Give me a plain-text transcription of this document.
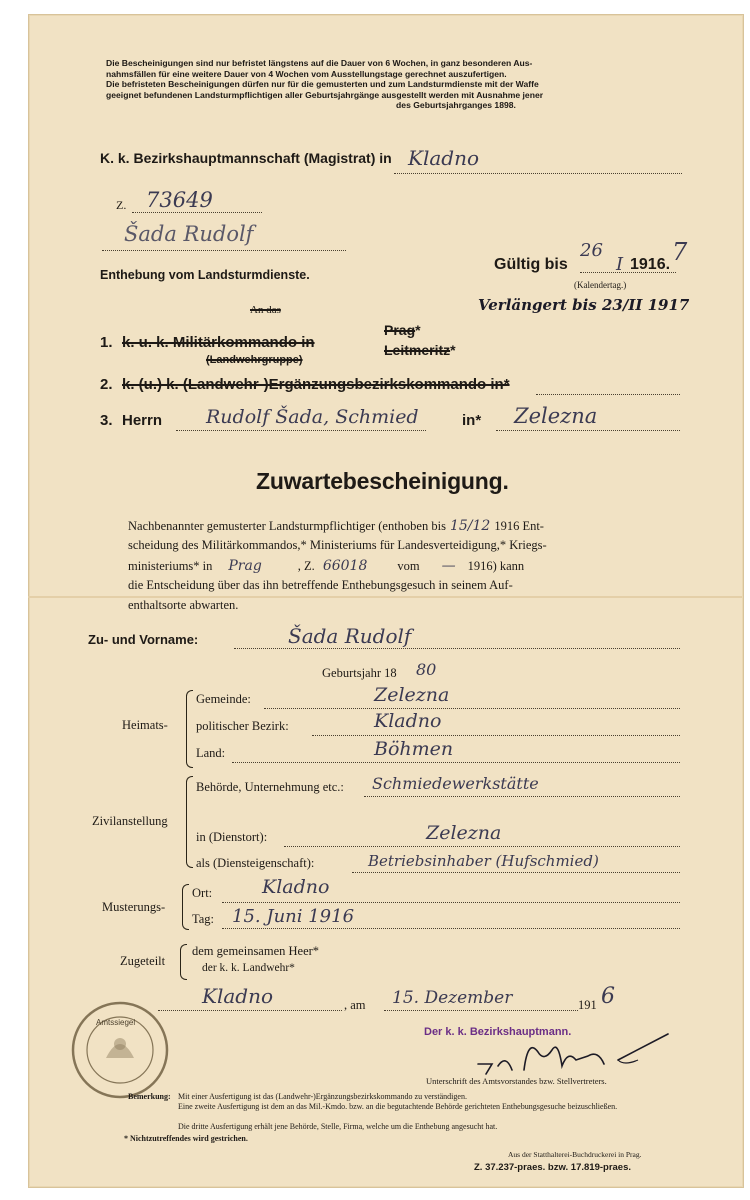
Die Bescheinigungen sind nur befristet längstens auf die Dauer von 6 Wochen, in ganz besonderen Aus-
nahmsfällen für eine weitere Dauer von 4 Wochen vom Ausstellungstage gerechnet auszufertigen.
Die befristeten Bescheinigungen dürfen nur für die gemusterten und zum Landsturmdienste mit der Waffe
geeignet befundenen Landsturmpflichtigen aller Geburtsjahrgänge ausgestellt werden mit Ausnahme jener
des Geburtsjahrganges 1898.
K. k. Bezirkshauptmannschaft (Magistrat) in Kladno
Z. 73649
Šada Rudolf
Enthebung vom Landsturmdienste.
Gültig bis
26
I 1916. 7
(Kalendertag.)
Verlängert bis 23/II 1917
An das
1. k. u. k. Militärkommando in
(Landwehrgruppe)
Prag*
Leitmeritz*
2. k. (u.) k. (Landwehr-)Ergänzungsbezirkskommando in*
3. Herrn Rudolf Šada, Schmied	in* Zelezna
Zuwartebescheinigung.
Nachbenannter gemusterter Landsturmpflichtiger (enthoben bis 15/12 1916 Ent-
scheidung des Militärkommandos,* Ministeriums für Landesverteidigung,* Kriegs-
ministeriums* in Prag	, Z. 66018 vom — 1916) kann
die Entscheidung über das ihn betreffende Enthebungsgesuch in seinem Auf-
enthaltsorte abwarten.
Zu- und Vorname:	Šada Rudolf
Geburtsjahr 18 80
Heimats-
Gemeinde:	Zelezna
politischer Bezirk:	Kladno
Land:	Böhmen
Zivilanstellung
Behörde, Unternehmung etc.: Schmiedewerkstätte
in (Dienstort):	Zelezna
als (Diensteigenschaft):	Betriebsinhaber (Hufschmied)
Musterungs-
Ort:	Kladno
Tag: 15. Juni 1916
Zugeteilt
dem gemeinsamen Heer*
der k. k. Landwehr*
Kladno	, am 15. Dezember	191 6
Amtssiegel
Der k. k. Bezirkshauptmann.
Unterschrift des Amtsvorstandes bzw. Stellvertreters.
Bemerkung: Mit einer Ausfertigung ist das (Landwehr-)Ergänzungsbezirkskommando zu verständigen.
Eine zweite Ausfertigung ist dem an das Mil.-Kmdo. bzw. an die begutachtende Behörde gerichteten Enthebungsgesuche beizuschließen.
Die dritte Ausfertigung erhält jene Behörde, Stelle, Firma, welche um die Enthebung angesucht hat.
* Nichtzutreffendes wird gestrichen.
Aus der Statthalterei-Buchdruckerei in Prag.
Z. 37.237-praes. bzw. 17.819-praes.
